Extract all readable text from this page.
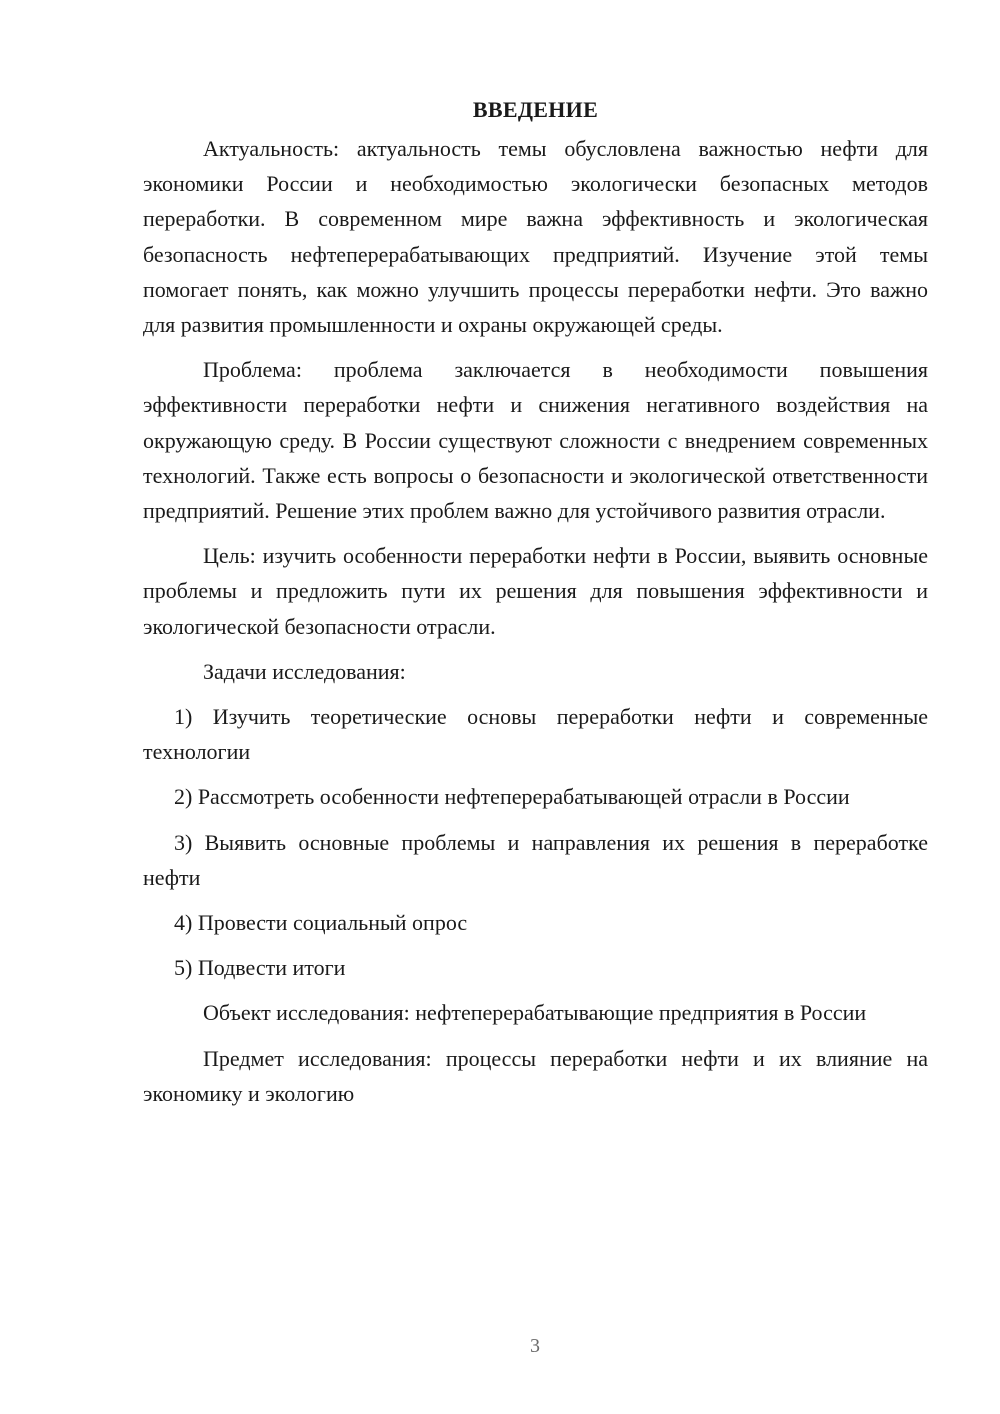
ВВЕДЕНИЕ

Актуальность: актуальность темы обусловлена важностью нефти для экономики России и необходимостью экологически безопасных методов переработки. В современном мире важна эффективность и экологическая безопасность нефтеперерабатывающих предприятий. Изучение этой темы помогает понять, как можно улучшить процессы переработки нефти. Это важно для развития промышленности и охраны окружающей среды.

Проблема: проблема заключается в необходимости повышения эффективности переработки нефти и снижения негативного воздействия на окружающую среду. В России существуют сложности с внедрением современных технологий. Также есть вопросы о безопасности и экологической ответственности предприятий. Решение этих проблем важно для устойчивого развития отрасли.

Цель: изучить особенности переработки нефти в России, выявить основные проблемы и предложить пути их решения для повышения эффективности и экологической безопасности отрасли.

Задачи исследования:

1) Изучить теоретические основы переработки нефти и современные технологии

2) Рассмотреть особенности нефтеперерабатывающей отрасли в России

3) Выявить основные проблемы и направления их решения в переработке нефти

4) Провести социальный опрос

5) Подвести итоги

Объект исследования: нефтеперерабатывающие предприятия в России

Предмет исследования: процессы переработки нефти и их влияние на экономику и экологию

3
